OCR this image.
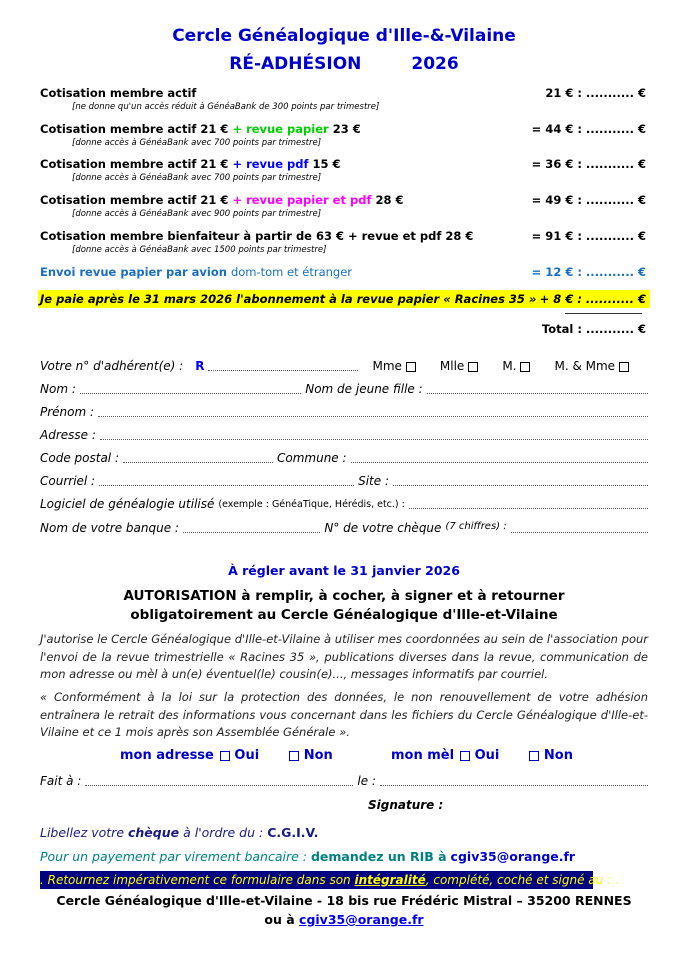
Cercle Généalogique d'Ille-&-Vilaine
RÉ-ADHÉSION	2026
Cotisation membre actif	21 € : ........... €
[ne donne qu'un accès réduit à GénéaBank de 300 points par trimestre]
Cotisation membre actif 21 € + revue papier 23 €	= 44 € : ........... €
[donne accès à GénéaBank avec 700 points par trimestre]
Cotisation membre actif 21 € + revue pdf 15 €	= 36 € : ........... €
[donne accès à GénéaBank avec 700 points par trimestre]
Cotisation membre actif 21 € + revue papier et pdf 28 €	= 49 € : ........... €
[donne accès à GénéaBank avec 900 points par trimestre]
Cotisation membre bienfaiteur à partir de 63 € + revue et pdf 28 €	= 91 € : ........... €
[donne accès à GénéaBank avec 1500 points par trimestre]
Envoi revue papier par avion dom-tom et étranger	= 12 € : ........... €
Je paie après le 31 mars 2026 l'abonnement à la revue papier « Racines 35 » + 8 € : ........... €
Total : ........... €
Votre n° d'adhérent(e) : R	Mme	Mlle	M.	M. & Mme
Nom :	Nom de jeune fille :
Prénom :
Adresse :
Code postal :	Commune :
Courriel :	Site :
Logiciel de généalogie utilisé (exemple : GénéaTique, Hérédis, etc.) :
Nom de votre banque :	N° de votre chèque (7 chiffres) :
À régler avant le 31 janvier 2026
AUTORISATION à remplir, à cocher, à signer et à retourner
obligatoirement au Cercle Généalogique d'Ille-et-Vilaine
J'autorise le Cercle Généalogique d'Ille-et-Vilaine à utiliser mes coordonnées au sein de l'association pour l'envoi de la revue trimestrielle « Racines 35 », publications diverses dans la revue, communication de mon adresse ou mèl à un(e) éventuel(le) cousin(e)..., messages informatifs par courriel.
« Conformément à la loi sur la protection des données, le non renouvellement de votre adhésion entraînera le retrait des informations vous concernant dans les fichiers du Cercle Généalogique d'Ille-et-Vilaine et ce 1 mois après son Assemblée Générale ».
mon adresse Oui	Non	mon mèl Oui	Non
Fait à :	le :
Signature :
Libellez votre chèque à l'ordre du : C.G.I.V.
Pour un payement par virement bancaire : demandez un RIB à cgiv35@orange.fr
. Retournez impérativement ce formulaire dans son intégralité, complété, coché et signé au : .
Cercle Généalogique d'Ille-et-Vilaine - 18 bis rue Frédéric Mistral – 35200 RENNES
ou à cgiv35@orange.fr
